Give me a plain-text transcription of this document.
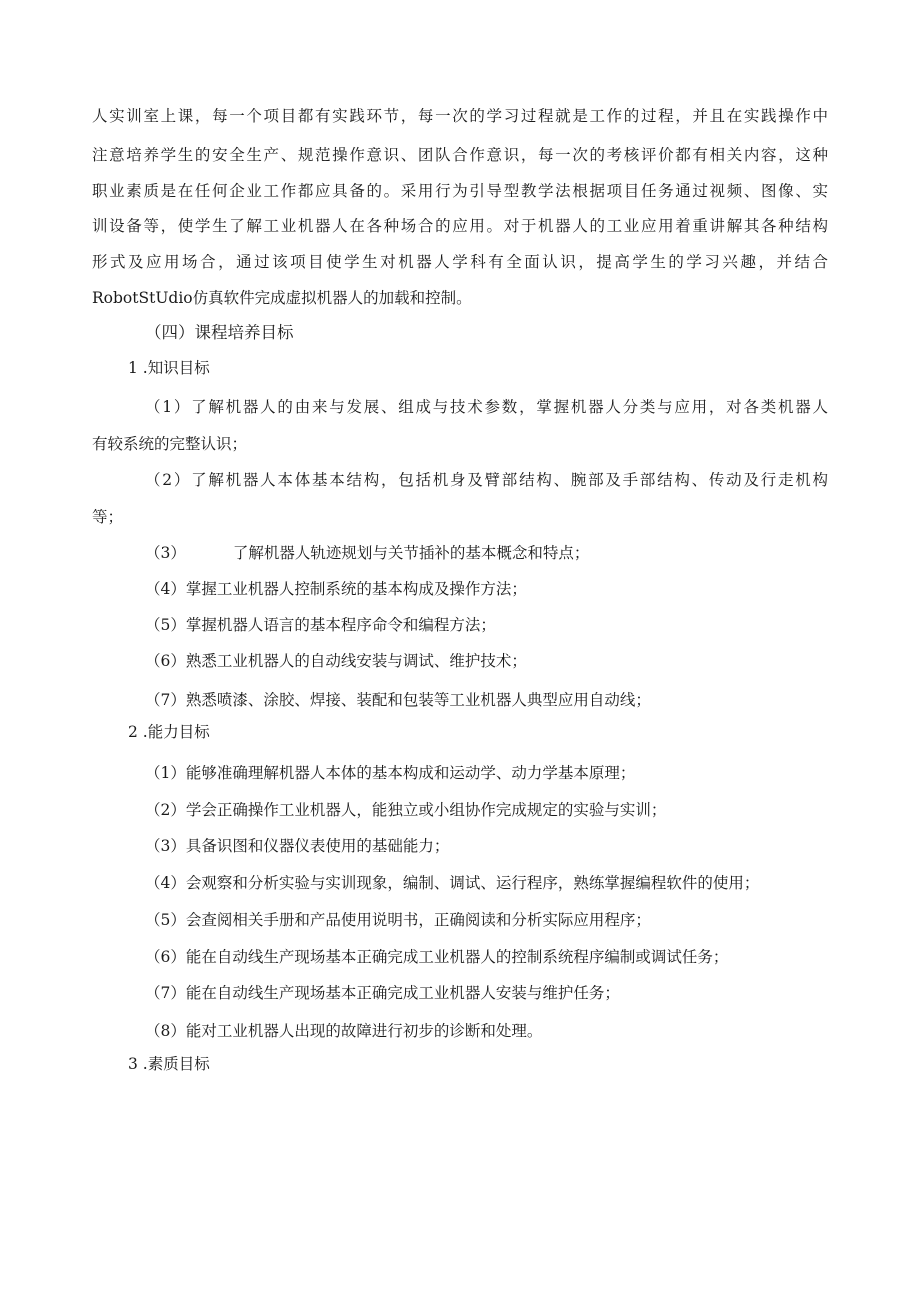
人实训室上课，每一个项目都有实践环节，每一次的学习过程就是工作的过程，并且在实践操作中
注意培养学生的安全生产、规范操作意识、团队合作意识，每一次的考核评价都有相关内容，这种
职业素质是在任何企业工作都应具备的。采用行为引导型教学法根据项目任务通过视频、图像、实
训设备等，使学生了解工业机器人在各种场合的应用。对于机器人的工业应用着重讲解其各种结构
形式及应用场合，通过该项目使学生对机器人学科有全面认识，提高学生的学习兴趣，并结合
RobotStUdio仿真软件完成虚拟机器人的加载和控制。
（四）课程培养目标
1 .知识目标
（1）了解机器人的由来与发展、组成与技术参数，掌握机器人分类与应用，对各类机器人
有较系统的完整认识；
（2）了解机器人本体基本结构，包括机身及臂部结构、腕部及手部结构、传动及行走机构
等；
（3）	了解机器人轨迹规划与关节插补的基本概念和特点；
（4）掌握工业机器人控制系统的基本构成及操作方法；
（5）掌握机器人语言的基本程序命令和编程方法；
（6）熟悉工业机器人的自动线安装与调试、维护技术；
（7）熟悉喷漆、涂胶、焊接、装配和包装等工业机器人典型应用自动线；
2 .能力目标
（1）能够准确理解机器人本体的基本构成和运动学、动力学基本原理；
（2）学会正确操作工业机器人，能独立或小组协作完成规定的实验与实训；
（3）具备识图和仪器仪表使用的基础能力；
（4）会观察和分析实验与实训现象，编制、调试、运行程序，熟练掌握编程软件的使用；
（5）会查阅相关手册和产品使用说明书，正确阅读和分析实际应用程序；
（6）能在自动线生产现场基本正确完成工业机器人的控制系统程序编制或调试任务；
（7）能在自动线生产现场基本正确完成工业机器人安装与维护任务；
（8）能对工业机器人出现的故障进行初步的诊断和处理。
3 .素质目标
